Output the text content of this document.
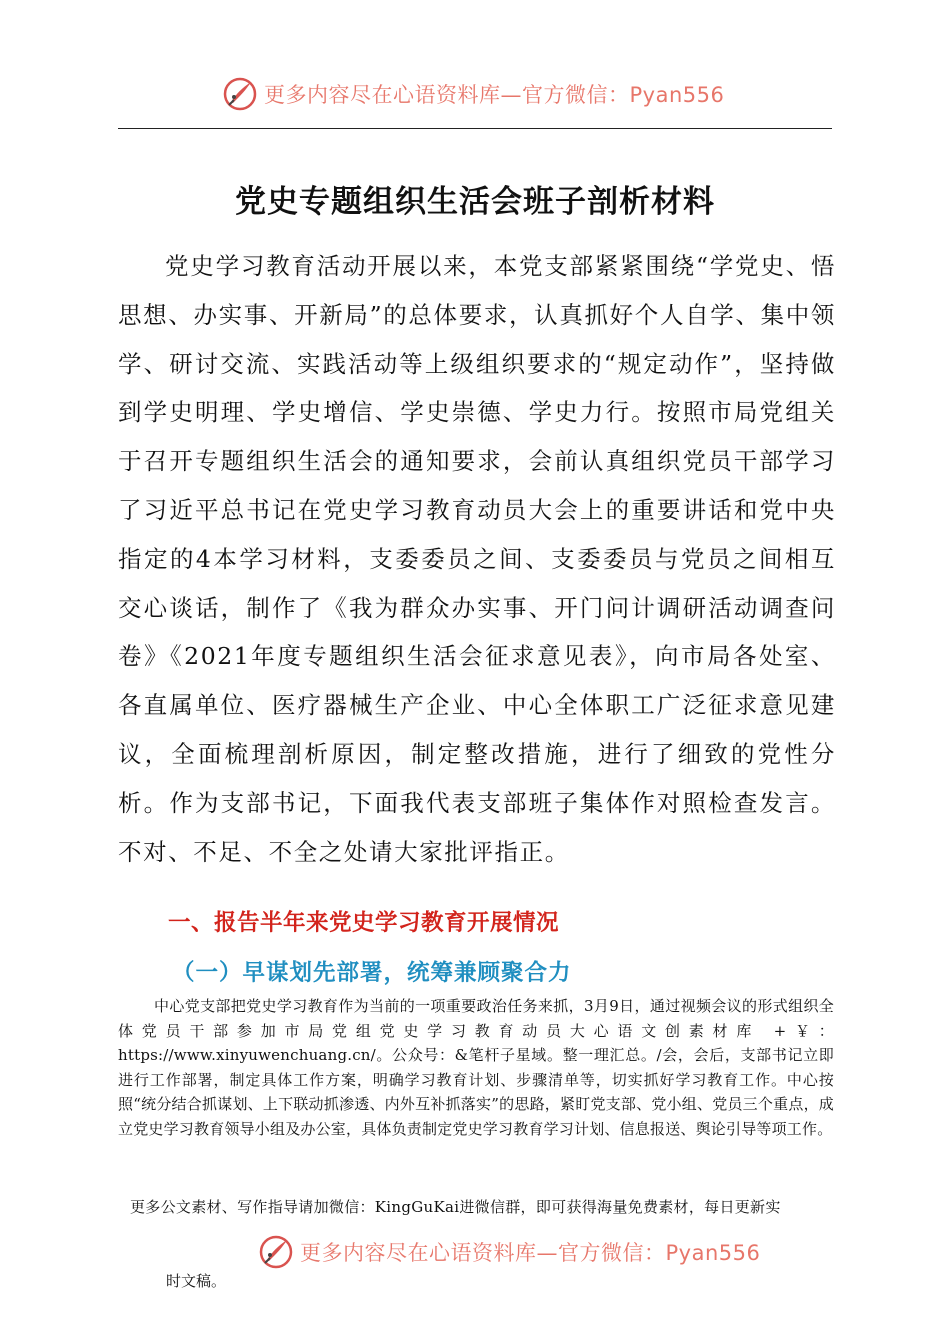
更多内容尽在心语资料库—官方微信：Pyan556
党史专题组织生活会班子剖析材料

党史学习教育活动开展以来，本党支部紧紧围绕“学党史、悟思想、办实事、开新局”的总体要求，认真抓好个人自学、集中领学、研讨交流、实践活动等上级组织要求的“规定动作”，坚持做到学史明理、学史增信、学史崇德、学史力行。按照市局党组关于召开专题组织生活会的通知要求，会前认真组织党员干部学习了习近平总书记在党史学习教育动员大会上的重要讲话和党中央指定的4本学习材料，支委委员之间、支委委员与党员之间相互交心谈话，制作了《我为群众办实事、开门问计调研活动调查问卷》《2021年度专题组织生活会征求意见表》，向市局各处室、各直属单位、医疗器械生产企业、中心全体职工广泛征求意见建议，全面梳理剖析原因，制定整改措施，进行了细致的党性分析。作为支部书记，下面我代表支部班子集体作对照检查发言。不对、不足、不全之处请大家批评指正。

一、报告半年来党史学习教育开展情况
（一）早谋划先部署，统筹兼顾聚合力

中心党支部把党史学习教育作为当前的一项重要政治任务来抓，3月9日，通过视频会议的形式组织全体党员干部参加市局党组党史学习教育动员大心语文创素材库 +￥：https://www.xinyuwenchuang.cn/。公众号：&笔杆子星域。整一理汇总。/会，会后，支部书记立即进行工作部署，制定具体工作方案，明确学习教育计划、步骤清单等，切实抓好学习教育工作。中心按照“统分结合抓谋划、上下联动抓渗透、内外互补抓落实”的思路，紧盯党支部、党小组、党员三个重点，成立党史学习教育领导小组及办公室，具体负责制定党史学习教育学习计划、信息报送、舆论引导等项工作。

更多公文素材、写作指导请加微信：KingGuKai进微信群，即可获得海量免费素材，每日更新实

更多内容尽在心语资料库—官方微信：Pyan556

时文稿。
